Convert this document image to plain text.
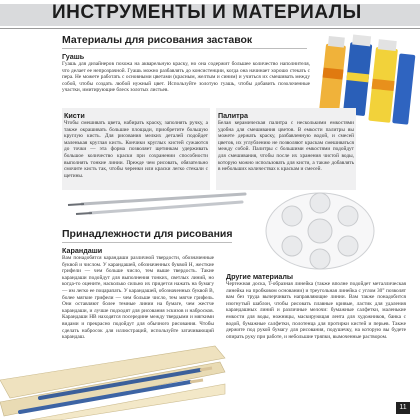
ИНСТРУМЕНТЫ И МАТЕРИАЛЫ
Материалы для рисования заставок
Гуашь
Гуашь для дизайнеров похожа на акварельную краску, но она содержит большее количество наполнителя, что делает ее непрозрачной. Гуашь можно разбавлять до консистенции, когда она начинает хорошо стекать с пера. Не можете работать с основными цветами (красным, желтым и синим) и учиться их смешивать между собой, чтобы создать любой нужный цвет. Используйте золотую гуашь, чтобы добавить позолоченные участки, имитирующие блеск золотых листьев.
Кисти
Чтобы смешивать цвета, набирать краску, заполнять ручку, а также окрашивать большие площади, приобретите большую круглую кисть. Для рисования мелких деталей подойдет маленькая круглая кисть. Кончики круглых кистей сужаются до точки — эта форма позволяет щетинкам удерживать большое количество краски при сохранении способности выполнять тонкие линии. Прежде чем рисовать, обязательно смочите кисть так, чтобы черенки или краски легко стекали с щетины.
Палитра
Белая керамическая палитра с несколькими емкостями удобна для смешивания цветов. В емкости палитры вы можете держать краску, разбавленную водой, и смесей цветов, их углублению не позволяют краскам смешиваться между собой. Палитры с большими емкостями подойдут для смешивания, чтобы после их хранения чистой воды, которую можно использовать для кисти, а также добавлять в небольших количествах к краскам и смесей.
Принадлежности для рисования
Карандаши
Вам понадобятся карандаши различной твердости, обозначенные буквой и числом. У карандашей, обозначенных буквой H, жесткие грифели — чем больше число, тем выше твердость. Такие карандаши подойдут для выполнения тонких, светлых линий, но когда-то оцените, насколько сильно их придется нажать на бумагу — им легко ее поцарапать. У карандашей, обозначенных буквой B, более мягкие грифели — чем больше число, тем мягче грифель. Они оставляют более темные линии на бумаге, чем жестче карандаши, и лучше подходят для рисования эскизов и набросков. Карандаши HB находятся посередине между твердыми и мягкими видами и прекрасно подойдут для обычного рисования. Чтобы сделать набросок для иллюстраций, используйте затачивающий карандаш.
Другие материалы
Чертежная доска, T-образная линейка (также вполне подойдет металлическая линейка на пробковом основании) и треугольная линейка с углом 30° позволят вам без труда вычерчивать направляющие линии. Вам также понадобится изогнутый шаблон, чтобы рисовать плавные кривые, ластик для удаления карандашных линий и различные мелочи: бумажные салфетки, маленькие емкости для воды, ножницы, маскирующая лента для художников, банка с водой, бумажные салфетки, полотенца для протирки кистей и перьев. Также держите под рукой бумагу для рисования, подушечку, на которую вы будете опирать руку при работе, и небольшие тряпки, вымоченные раствором.
11
